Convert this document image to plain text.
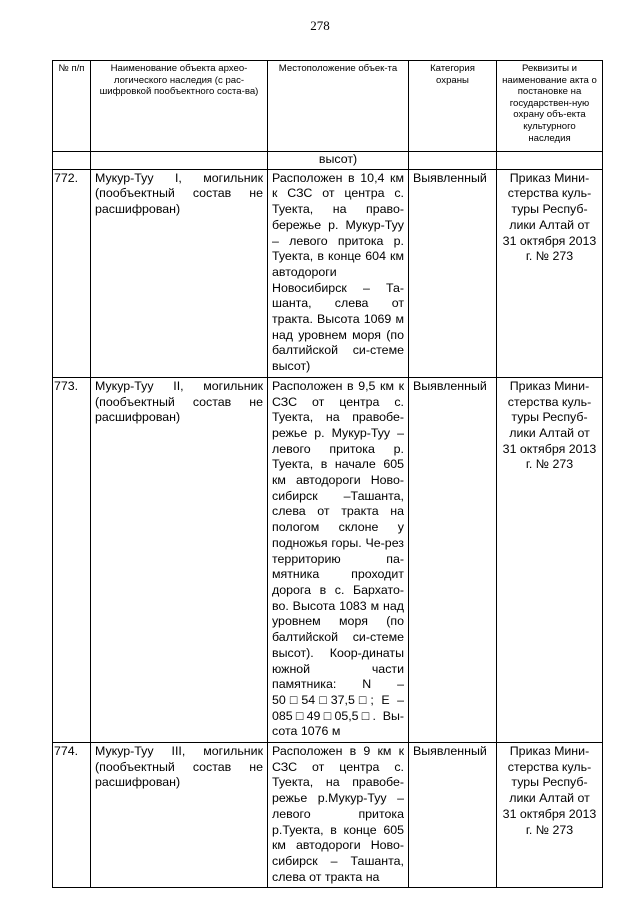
278
№ п/п	Наименование объекта архео-логического наследия (с рас-шифровкой пообъектного соста-ва)	Местоположение объек-та	Категория охраны	Реквизиты и наименование акта о постановке на государствен-ную охрану объ-екта культурного наследия
		высот)		
772.	Мукур-Туу I, могильник (пообъектный состав не расшифрован)	Расположен в 10,4 км к СЗС от центра с. Туекта, на право-бережье р. Мукур-Туу – левого притока р. Туекта, в конце 604 км автодороги Новосибирск – Та-шанта, слева от тракта. Высота 1069 м над уровнем моря (по балтийской си-стеме высот)	Выявленный	Приказ Мини-стерства куль-туры Респуб-лики Алтай от 31 октября 2013 г. № 273
773.	Мукур-Туу II, могильник (пообъектный состав не расшифрован)	Расположен в 9,5 км к СЗС от центра с. Туекта, на правобе-режье р. Мукур-Туу – левого притока р. Туекта, в начале 605 км автодороги Ново-сибирск –Ташанта, слева от тракта на пологом склоне у подножья горы. Че-рез территорию па-мятника проходит дорога в с. Бархато-во. Высота 1083 м над уровнем моря (по балтийской си-стеме высот). Коор-динаты южной части памятника: N – 50□54□37,5□; E – 085□49□05,5□. Вы-сота 1076 м	Выявленный	Приказ Мини-стерства куль-туры Респуб-лики Алтай от 31 октября 2013 г. № 273
774.	Мукур-Туу III, могильник (пообъектный состав не расшифрован)	Расположен в 9 км к СЗС от центра с. Туекта, на правобе-режье р.Мукур-Туу – левого притока р.Туекта, в конце 605 км автодороги Ново-сибирск – Ташанта, слева от тракта на	Выявленный	Приказ Мини-стерства куль-туры Респуб-лики Алтай от 31 октября 2013 г. № 273
